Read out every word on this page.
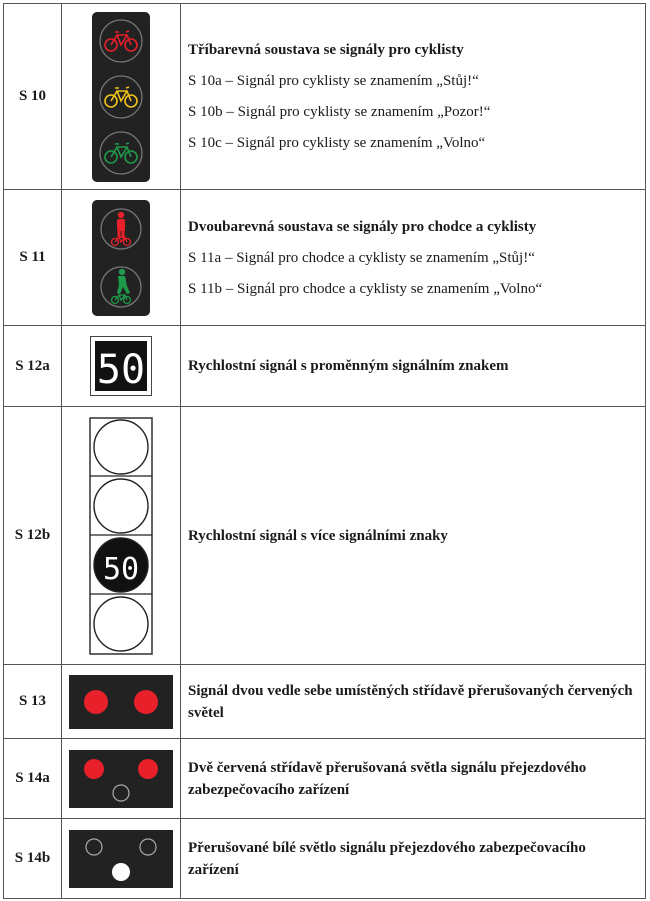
S 10		Tříbarevná soustava se signály pro cyklisty
S 10a – Signál pro cyklisty se znamením „Stůj!“
S 10b – Signál pro cyklisty se znamením „Pozor!“
S 10c – Signál pro cyklisty se znamením „Volno“

S 11		Dvoubarevná soustava se signály pro chodce a cyklisty
S 11a – Signál pro chodce a cyklisty se znamením „Stůj!“
S 11b – Signál pro chodce a cyklisty se znamením „Volno“

S 12a	50	Rychlostní signál s proměnným signálním znakem

S 12b	50	Rychlostní signál s více signálními znaky

S 13		Signál dvou vedle sebe umístěných střídavě přerušovaných červených světel

S 14a		Dvě červená střídavě přerušovaná světla signálu přejezdového zabezpečovacího zařízení

S 14b		Přerušované bílé světlo signálu přejezdového zabezpečovacího zařízení
